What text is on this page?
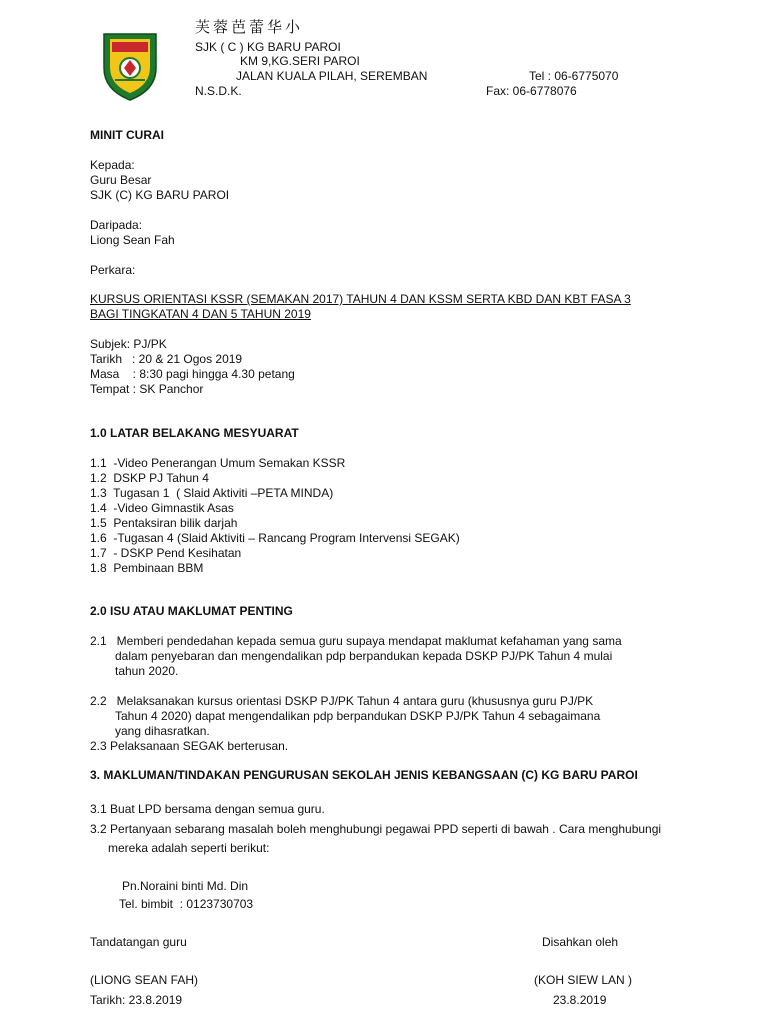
芙蓉芭蕾华小
SJK ( C ) KG BARU PAROI
KM 9,KG.SERI PAROI
JALAN KUALA PILAH, SEREMBAN
N.S.D.K.
Tel : 06-6775070
Fax: 06-6778076
MINIT CURAI
Kepada:
Guru Besar
SJK (C) KG BARU PAROI
Daripada:
Liong Sean Fah
Perkara:
KURSUS ORIENTASI KSSR (SEMAKAN 2017) TAHUN 4 DAN KSSM SERTA KBD DAN KBT FASA 3
BAGI TINGKATAN 4 DAN 5 TAHUN 2019
Subjek: PJ/PK
Tarikh   : 20 & 21 Ogos 2019
Masa    : 8:30 pagi hingga 4.30 petang
Tempat : SK Panchor
1.0 LATAR BELAKANG MESYUARAT
1.1  -Video Penerangan Umum Semakan KSSR
1.2  DSKP PJ Tahun 4
1.3  Tugasan 1  ( Slaid Aktiviti –PETA MINDA)
1.4  -Video Gimnastik Asas
1.5  Pentaksiran bilik darjah
1.6  -Tugasan 4 (Slaid Aktiviti – Rancang Program Intervensi SEGAK)
1.7  - DSKP Pend Kesihatan
1.8  Pembinaan BBM
2.0 ISU ATAU MAKLUMAT PENTING
2.1   Memberi pendedahan kepada semua guru supaya mendapat maklumat kefahaman yang sama
dalam penyebaran dan mengendalikan pdp berpandukan kepada DSKP PJ/PK Tahun 4 mulai
tahun 2020.
2.2   Melaksanakan kursus orientasi DSKP PJ/PK Tahun 4 antara guru (khususnya guru PJ/PK
Tahun 4 2020) dapat mengendalikan pdp berpandukan DSKP PJ/PK Tahun 4 sebagaimana
yang dihasratkan.
2.3 Pelaksanaan SEGAK berterusan.
3. MAKLUMAN/TINDAKAN PENGURUSAN SEKOLAH JENIS KEBANGSAAN (C) KG BARU PAROI
3.1 Buat LPD bersama dengan semua guru.
3.2 Pertanyaan sebarang masalah boleh menghubungi pegawai PPD seperti di bawah . Cara menghubungi
mereka adalah seperti berikut:
Pn.Noraini binti Md. Din
Tel. bimbit  : 0123730703
Tandatangan guru
(LIONG SEAN FAH)
Tarikh: 23.8.2019
Disahkan oleh
(KOH SIEW LAN )
23.8.2019
